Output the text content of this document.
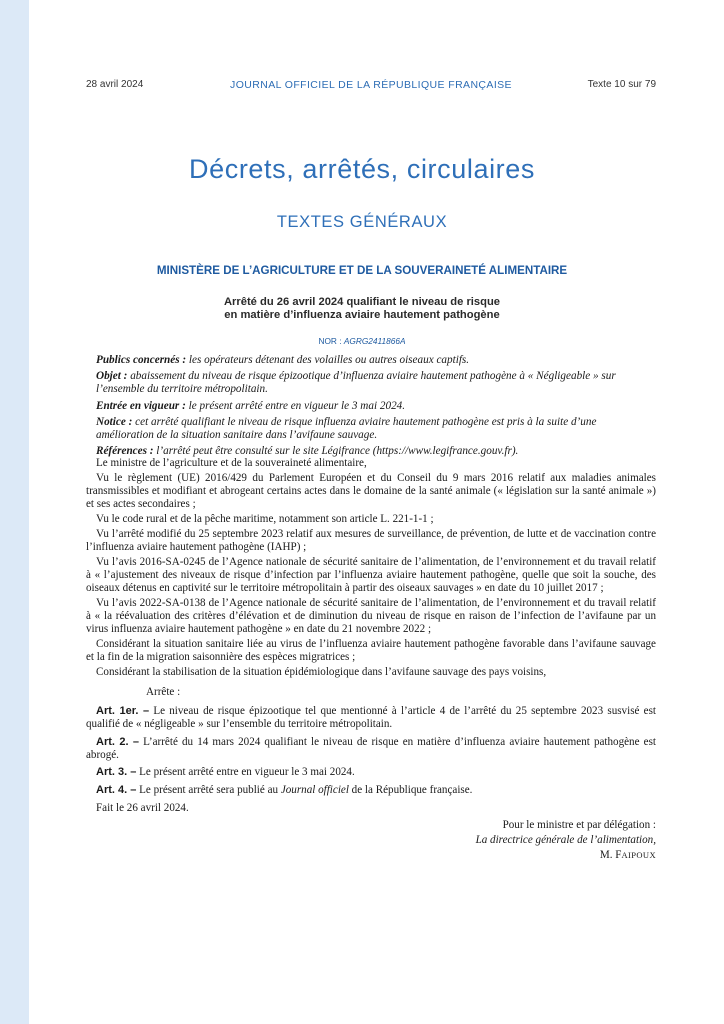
JOURNAL OFFICIEL DE LA RÉPUBLIQUE FRANÇAISE
28 avril 2024	Texte 10 sur 79
Décrets, arrêtés, circulaires
TEXTES GÉNÉRAUX
MINISTÈRE DE L’AGRICULTURE ET DE LA SOUVERAINETÉ ALIMENTAIRE
Arrêté du 26 avril 2024 qualifiant le niveau de risque
en matière d’influenza aviaire hautement pathogène
NOR : AGRG2411866A

Publics concernés : les opérateurs détenant des volailles ou autres oiseaux captifs.

Objet : abaissement du niveau de risque épizootique d’influenza aviaire hautement pathogène à « Négligeable » sur l’ensemble du territoire métropolitain.

Entrée en vigueur : le présent arrêté entre en vigueur le 3 mai 2024.

Notice : cet arrêté qualifiant le niveau de risque influenza aviaire hautement pathogène est pris à la suite d’une amélioration de la situation sanitaire dans l’avifaune sauvage.

Références : l’arrêté peut être consulté sur le site Légifrance (https://www.legifrance.gouv.fr).

Le ministre de l’agriculture et de la souveraineté alimentaire,

Vu le règlement (UE) 2016/429 du Parlement Européen et du Conseil du 9 mars 2016 relatif aux maladies animales transmissibles et modifiant et abrogeant certains actes dans le domaine de la santé animale (« législation sur la santé animale ») et ses actes secondaires ;

Vu le code rural et de la pêche maritime, notamment son article L. 221-1-1 ;

Vu l’arrêté modifié du 25 septembre 2023 relatif aux mesures de surveillance, de prévention, de lutte et de vaccination contre l’influenza aviaire hautement pathogène (IAHP) ;

Vu l’avis 2016-SA-0245 de l’Agence nationale de sécurité sanitaire de l’alimentation, de l’environnement et du travail relatif à « l’ajustement des niveaux de risque d’infection par l’influenza aviaire hautement pathogène, quelle que soit la souche, des oiseaux détenus en captivité sur le territoire métropolitain à partir des oiseaux sauvages » en date du 10 juillet 2017 ;

Vu l’avis 2022-SA-0138 de l’Agence nationale de sécurité sanitaire de l’alimentation, de l’environnement et du travail relatif à « la réévaluation des critères d’élévation et de diminution du niveau de risque en raison de l’infection de l’avifaune par un virus influenza aviaire hautement pathogène » en date du 21 novembre 2022 ;

Considérant la situation sanitaire liée au virus de l’influenza aviaire hautement pathogène favorable dans l’avifaune sauvage et la fin de la migration saisonnière des espèces migratrices ;

Considérant la stabilisation de la situation épidémiologique dans l’avifaune sauvage des pays voisins,

Arrête :

Art. 1er. – Le niveau de risque épizootique tel que mentionné à l’article 4 de l’arrêté du 25 septembre 2023 susvisé est qualifié de « négligeable » sur l’ensemble du territoire métropolitain.

Art. 2. – L’arrêté du 14 mars 2024 qualifiant le niveau de risque en matière d’influenza aviaire hautement pathogène est abrogé.

Art. 3. – Le présent arrêté entre en vigueur le 3 mai 2024.

Art. 4. – Le présent arrêté sera publié au Journal officiel de la République française.

Fait le 26 avril 2024.

Pour le ministre et par délégation :
La directrice générale de l’alimentation,
M. FAIPOUX
